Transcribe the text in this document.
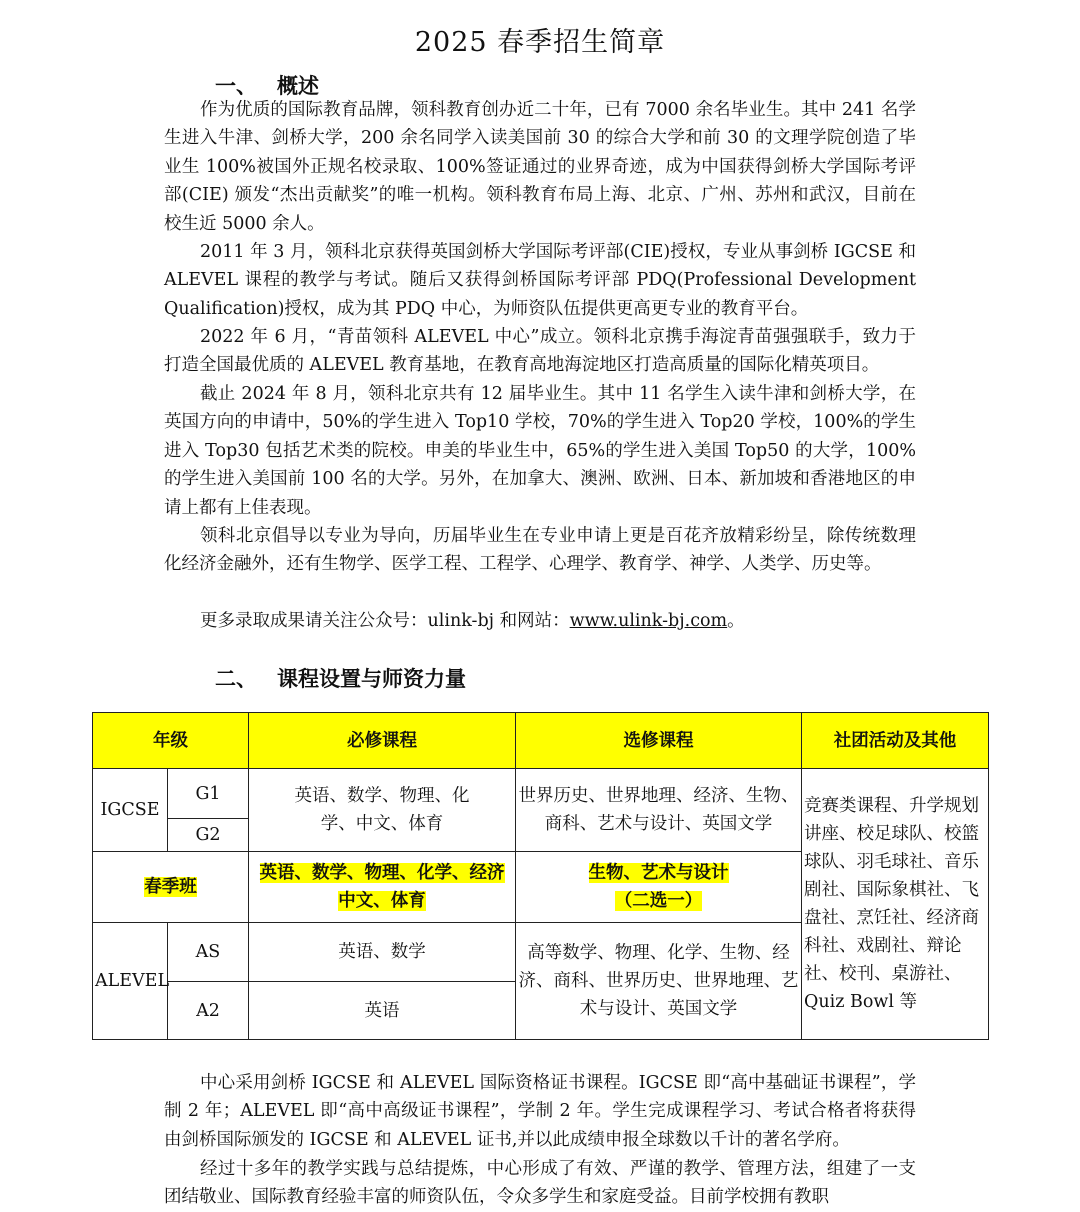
2025 春季招生简章
一、 概述

作为优质的国际教育品牌，领科教育创办近二十年，已有 7000 余名毕业生。其中 241 名学生进入牛津、剑桥大学，200 余名同学入读美国前 30 的综合大学和前 30 的文理学院创造了毕业生 100%被国外正规名校录取、100%签证通过的业界奇迹，成为中国获得剑桥大学国际考评部(CIE) 颁发“杰出贡献奖”的唯一机构。领科教育布局上海、北京、广州、苏州和武汉，目前在校生近 5000 余人。

2011 年 3 月，领科北京获得英国剑桥大学国际考评部(CIE)授权，专业从事剑桥 IGCSE 和 ALEVEL 课程的教学与考试。随后又获得剑桥国际考评部 PDQ(Professional Development Qualification)授权，成为其 PDQ 中心，为师资队伍提供更高更专业的教育平台。

2022 年 6 月，“青苗领科 ALEVEL 中心”成立。领科北京携手海淀青苗强强联手，致力于打造全国最优质的 ALEVEL 教育基地，在教育高地海淀地区打造高质量的国际化精英项目。

截止 2024 年 8 月，领科北京共有 12 届毕业生。其中 11 名学生入读牛津和剑桥大学，在英国方向的申请中，50%的学生进入 Top10 学校，70%的学生进入 Top20 学校，100%的学生进入 Top30 包括艺术类的院校。申美的毕业生中，65%的学生进入美国 Top50 的大学，100%的学生进入美国前 100 名的大学。另外，在加拿大、澳洲、欧洲、日本、新加坡和香港地区的申请上都有上佳表现。

领科北京倡导以专业为导向，历届毕业生在专业申请上更是百花齐放精彩纷呈，除传统数理化经济金融外，还有生物学、医学工程、工程学、心理学、教育学、神学、人类学、历史等。

更多录取成果请关注公众号：ulink-bj 和网站：www.ulink-bj.com。

二、 课程设置与师资力量
年级		必修课程	选修课程	社团活动及其他
IGCSE	G1	英语、数学、物理、化学、中文、体育	世界历史、世界地理、经济、生物、商科、艺术与设计、英国文学	竞赛类课程、升学规划讲座、校足球队、校篮球队、羽毛球社、音乐剧社、国际象棋社、飞盘社、烹饪社、经济商科社、戏剧社、辩论社、校刊、桌游社、Quiz Bowl 等
	G2			
春季班		英语、数学、物理、化学、经济中文、体育	生物、艺术与设计
（二选一）	
ALEVEL	AS	英语、数学	高等数学、物理、化学、生物、经济、商科、世界历史、世界地理、艺术与设计、英国文学	
	A2	英语		

中心采用剑桥 IGCSE 和 ALEVEL 国际资格证书课程。IGCSE 即“高中基础证书课程”，学制 2 年；ALEVEL 即“高中高级证书课程”，学制 2 年。学生完成课程学习、考试合格者将获得由剑桥国际颁发的 IGCSE 和 ALEVEL 证书,并以此成绩申报全球数以千计的著名学府。

经过十多年的教学实践与总结提炼，中心形成了有效、严谨的教学、管理方法，组建了一支团结敬业、国际教育经验丰富的师资队伍，令众多学生和家庭受益。目前学校拥有教职
